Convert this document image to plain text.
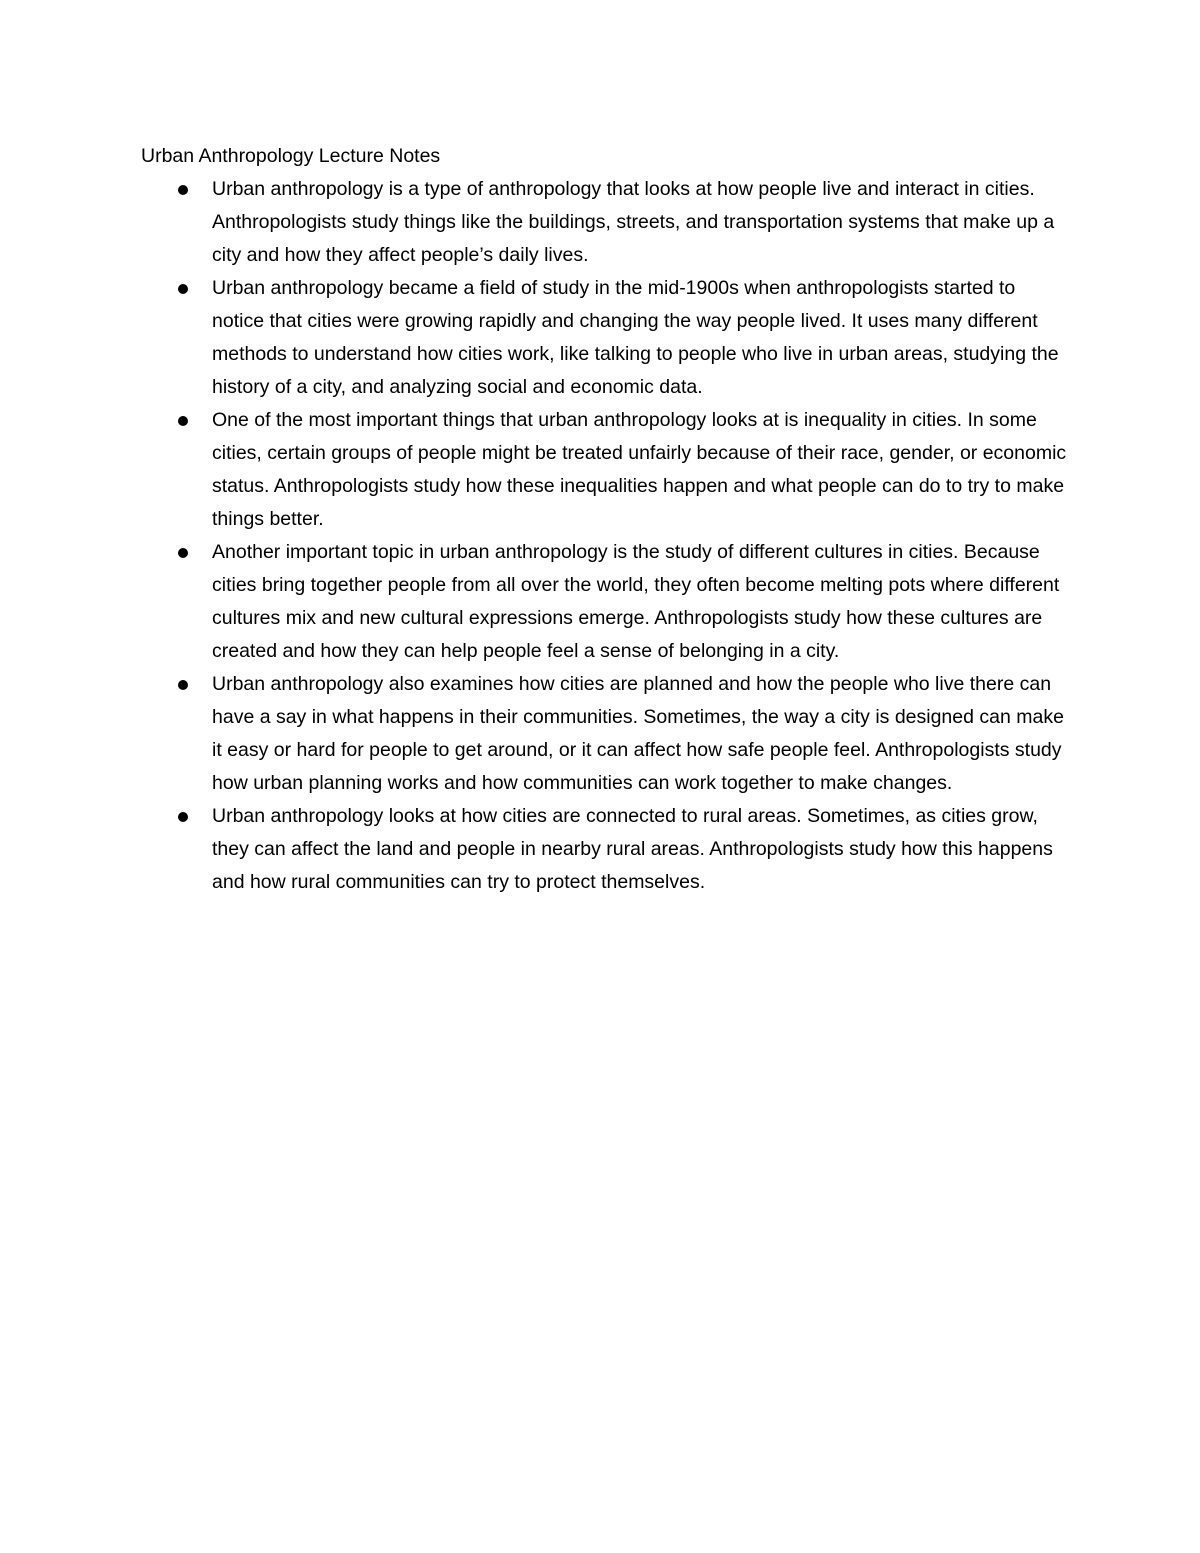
Urban Anthropology Lecture Notes
Urban anthropology is a type of anthropology that looks at how people live and interact in cities. Anthropologists study things like the buildings, streets, and transportation systems that make up a city and how they affect people’s daily lives.
Urban anthropology became a field of study in the mid-1900s when anthropologists started to notice that cities were growing rapidly and changing the way people lived. It uses many different methods to understand how cities work, like talking to people who live in urban areas, studying the history of a city, and analyzing social and economic data.
One of the most important things that urban anthropology looks at is inequality in cities. In some cities, certain groups of people might be treated unfairly because of their race, gender, or economic status. Anthropologists study how these inequalities happen and what people can do to try to make things better.
Another important topic in urban anthropology is the study of different cultures in cities. Because cities bring together people from all over the world, they often become melting pots where different cultures mix and new cultural expressions emerge. Anthropologists study how these cultures are created and how they can help people feel a sense of belonging in a city.
Urban anthropology also examines how cities are planned and how the people who live there can have a say in what happens in their communities. Sometimes, the way a city is designed can make it easy or hard for people to get around, or it can affect how safe people feel. Anthropologists study how urban planning works and how communities can work together to make changes.
Urban anthropology looks at how cities are connected to rural areas. Sometimes, as cities grow, they can affect the land and people in nearby rural areas. Anthropologists study how this happens and how rural communities can try to protect themselves.
